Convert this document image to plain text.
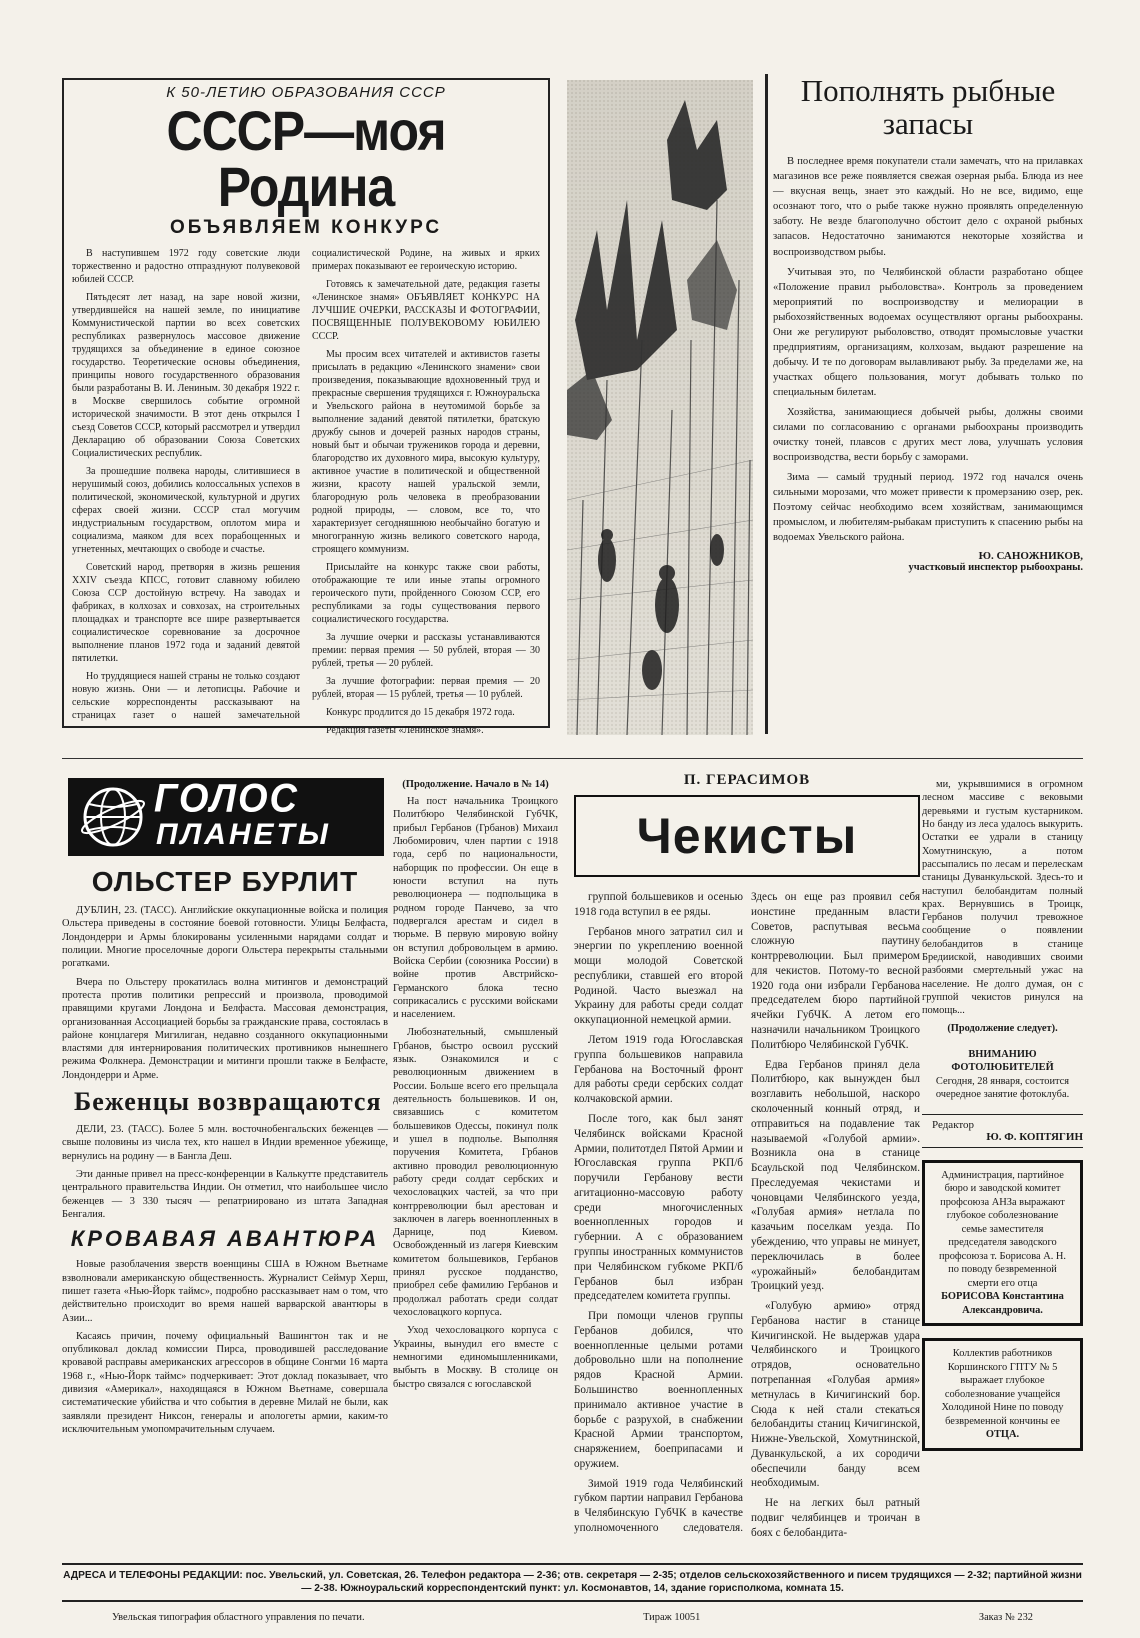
К 50-ЛЕТИЮ ОБРАЗОВАНИЯ СССР
СССР—моя Родина
ОБЪЯВЛЯЕМ КОНКУРС

В наступившем 1972 году советские люди торжественно и радостно отпразднуют полувековой юбилей СССР.

Пятьдесят лет назад, на заре новой жизни, утвердившейся на нашей земле, по инициативе Коммунистической партии во всех советских республиках развернулось массовое движение трудящихся за объединение в единое союзное государство. Теоретические основы объединения, принципы нового государственного образования были разработаны В. И. Лениным. 30 декабря 1922 г. в Москве свершилось событие огромной исторической значимости. В этот день открылся I съезд Советов СССР, который рассмотрел и утвердил Декларацию об образовании Союза Советских Социалистических республик.

За прошедшие полвека народы, слитившиеся в нерушимый союз, добились колоссальных успехов в политической, экономической, культурной и других сферах своей жизни. СССР стал могучим индустриальным государством, оплотом мира и социализма, маяком для всех порабощенных и угнетенных, мечтающих о свободе и счастье.

Советский народ, претворяя в жизнь решения XXIV съезда КПСС, готовит славному юбилею Союза ССР достойную встречу. На заводах и фабриках, в колхозах и совхозах, на строительных площадках и транспорте все шире развертывается социалистическое соревнование за досрочное выполнение планов 1972 года и заданий девятой пятилетки.

Но труддящиеся нашей страны не только создают новую жизнь. Они — и летописцы. Рабочие и сельские корреспонденты рассказывают на страницах газет о нашей замечательной социалистической Родине, на живых и ярких примерах показывают ее героическую историю.

Готовясь к замечательной дате, редакция газеты «Ленинское знамя» ОБЪЯВЛЯЕТ КОНКУРС НА ЛУЧШИЕ ОЧЕРКИ, РАССКАЗЫ И ФОТОГРАФИИ, ПОСВЯЩЕННЫЕ ПОЛУВЕКОВОМУ ЮБИЛЕЮ СССР.

Мы просим всех читателей и активистов газеты присылать в редакцию «Ленинского знамени» свои произведения, показывающие вдохновенный труд и прекрасные свершения трудящихся г. Южноуральска и Увельского района в неутомимой борьбе за выполнение заданий девятой пятилетки, братскую дружбу сынов и дочерей разных народов страны, новый быт и обычаи тружеников города и деревни, благородство их духовного мира, высокую культуру, активное участие в политической и общественной жизни, красоту нашей уральской земли, благородную роль человека в преобразовании родной природы, — словом, все то, что характеризует сегодняшнюю необычайно богатую и многогранную жизнь великого советского народа, строящего коммунизм.

Присылайте на конкурс также свои работы, отображающие те или иные этапы огромного героического пути, пройденного Союзом ССР, его республиками за годы существования первого социалистического государства.

За лучшие очерки и рассказы устанавливаются премии: первая премия — 50 рублей, вторая — 30 рублей, третья — 20 рублей.

За лучшие фотографии: первая премия — 20 рублей, вторая — 15 рублей, третья — 10 рублей.

Конкурс продлится до 15 декабря 1972 года.

Редакция газеты «Ленинское знамя».

Пополнять рыбные запасы

В последнее время покупатели стали замечать, что на прилавках магазинов все реже появляется свежая озерная рыба. Блюда из нее — вкусная вещь, знает это каждый. Но не все, видимо, еще осознают того, что о рыбе также нужно проявлять определенную заботу. Не везде благополучно обстоит дело с охраной рыбных запасов. Недостаточно занимаются некоторые хозяйства и воспроизводством рыбы.

Учитывая это, по Челябинской области разработано общее «Положение правил рыболовства». Контроль за проведением мероприятий по воспроизводству и мелиорации в рыбохозяйственных водоемах осуществляют органы рыбоохраны. Они же регулируют рыболовство, отводят промысловые участки предприятиям, организациям, колхозам, выдают разрешение на добычу. И те по договорам вылавливают рыбу. За пределами же, на участках общего пользования, могут добывать только по специальным билетам.

Хозяйства, занимающиеся добычей рыбы, должны своими силами по согласованию с органами рыбоохраны производить очистку тоней, плавсов с других мест лова, улучшать условия воспроизводства, вести борьбу с заморами.

Зима — самый трудный период. 1972 год начался очень сильными морозами, что может привести к промерзанию озер, рек. Поэтому сейчас необходимо всем хозяйствам, занимающимся промыслом, и любителям-рыбакам приступить к спасению рыбы на водоемах Увельского района.

Ю. САНОЖНИКОВ,
участковый инспектор рыбоохраны.
ГОЛОС
ПЛАНЕТЫ
ОЛЬСТЕР БУРЛИТ

ДУБЛИН, 23. (ТАСС). Английские оккупационные войска и полиция Ольстера приведены в состояние боевой готовности. Улицы Белфаста, Лондондерри и Армы блокированы усиленными нарядами солдат и полиции. Многие проселочные дороги Ольстера перекрыты стальными рогатками.

Вчера по Ольстеру прокатилась волна митингов и демонстраций протеста против политики репрессий и произвола, проводимой правящими кругами Лондона и Белфаста. Массовая демонстрация, организованная Ассоциацией борьбы за гражданские права, состоялась в районе концлагеря Мигилиган, недавно созданного оккупационными властями для интернирования политических противников нынешнего режима Фолкнера. Демонстрации и митинги прошли также в Белфасте, Лондондерри и Арме.

Беженцы возвращаются

ДЕЛИ, 23. (ТАСС). Более 5 млн. восточнобенгальских беженцев — свыше половины из числа тех, кто нашел в Индии временное убежище, вернулись на родину — в Бангла Деш.

Эти данные привел на пресс-конференции в Калькутте представитель центрального правительства Индии. Он отметил, что наибольшее число беженцев — 3 330 тысяч — репатриировано из штата Западная Бенгалия.

КРОВАВАЯ АВАНТЮРА

Новые разоблачения зверств военщины США в Южном Вьетнаме взволновали американскую общественность. Журналист Сеймур Херш, пишет газета «Нью-Йорк таймс», подробно рассказывает нам о том, что действительно происходит во время нашей варварской авантюры в Азии...

Касаясь причин, почему официальный Вашингтон так и не опубликовал доклад комиссии Пирса, проводившей расследование кровавой расправы американских агрессоров в общине Сонгми 16 марта 1968 г., «Нью-Йорк таймс» подчеркивает: Этот доклад показывает, что дивизия «Америкал», находящаяся в Южном Вьетнаме, совершала систематические убийства и что события в деревне Милай не были, как заявляли президент Никсон, генералы и апологеты армии, каким-то исключительным умопомрачительным случаем.

(Продолжение. Начало в № 14)

На пост начальника Троицкого Политбюро Челябинской ГубЧК, прибыл Гербанов (Грбанов) Михаил Любомирович, член партии с 1918 года, серб по национальности, наборщик по профессии. Он еще в юности вступил на путь революционера — подпольщика в родном городе Панчево, за что подвергался арестам и сидел в тюрьме. В первую мировую войну он вступил добровольцем в армию. Войска Сербии (союзника России) в войне против Австрийско-Германского блока тесно соприкасались с русскими войсками и населением.

Любознательный, смышленый Грбанов, быстро освоил русский язык. Ознакомился и с революционным движением в России. Больше всего его прельщала деятельность большевиков. И он, связавшись с комитетом большевиков Одессы, покинул полк и ушел в подполье. Выполняя поручения Комитета, Грбанов активно проводил революционную работу среди солдат сербских и чехословацких частей, за что при контрреволюции был арестован и заключен в лагерь военнопленных в Дарнице, под Киевом. Освобожденный из лагеря Киевским комитетом большевиков, Гербанов принял русское подданство, приобрел себе фамилию Гербанов и продолжал работать среди солдат чехословацкого корпуса.

Уход чехословацкого корпуса с Украины, вынудил его вместе с немногими единомышленниками, выбыть в Москву. В столице он быстро связался с югославской

П. ГЕРАСИМОВ
Чекисты

группой большевиков и осенью 1918 года вступил в ее ряды.

Гербанов много затратил сил и энергии по укреплению военной мощи молодой Советской республики, ставшей его второй Родиной. Часто выезжал на Украину для работы среди солдат оккупационной немецкой армии.

Летом 1919 года Югославская группа большевиков направила Гербанова на Восточный фронт для работы среди сербских солдат колчаковской армии.

После того, как был занят Челябинск войсками Красной Армии, политотдел Пятой Армии и Югославская группа РКП/б поручили Гербанову вести агитационно-массовую работу среди многочисленных военнопленных городов и губернии. А с образованием группы иностранных коммунистов при Челябинском губкоме РКП/б Гербанов был избран председателем комитета группы.

При помощи членов группы Гербанов добился, что военнопленные целыми ротами добровольно шли на пополнение рядов Красной Армии. Большинство военнопленных принимало активное участие в борьбе с разрухой, в снабжении Красной Армии транспортом, снаряжением, боеприпасами и оружием.

Зимой 1919 года Челябинский губком партии направил Гербанова в Челябинскую ГубЧК в качестве уполномоченного следователя. Здесь он еще раз проявил себя ионстине преданным власти Советов, распутывая весьма сложную паутину контрреволюции. Был примером для чекистов. Потому-то весной 1920 года они избрали Гербанова председателем бюро партийной ячейки ГубЧК. А летом его назначили начальником Троицкого Политбюро Челябинской ГубЧК.

Едва Гербанов принял дела Политбюро, как вынужден был возглавить небольшой, наскоро сколоченный конный отряд, и отправиться на подавление так называемой «Голубой армии». Возникла она в станице Бсаульской под Челябинском. Преследуемая чекистами и чоновцами Челябинского уезда, «Голубая армия» нетлала по казачьим поселкам уезда. По убеждению, что управы не минует, переключилась в более «урожайный» белобандитам Троицкий уезд.

«Голубую армию» отряд Гербанова настиг в станице Кичигинской. Не выдержав удара Челябинского и Троицкого отрядов, основательно потрепанная «Голубая армия» метнулась в Кичигинский бор. Сюда к ней стали стекаться белобандиты станиц Кичигинской, Нижне-Увельской, Хомутнинской, Дуванкульской, а их сородичи обеспечили банду всем необходимым.

Не на легких был ратный подвиг челябинцев и троичан в боях с белобандита-

ми, укрывшимися в огромном лесном массиве с вековыми деревьями и густым кустарником. Но банду из леса удалось выкурить. Остатки ее удрали в станицу Хомутнинскую, а потом рассыпались по лесам и перелескам станицы Дуванкульской. Здесь-то и наступил белобандитам полный крах. Вернувшись в Троицк, Гербанов получил тревожное сообщение о появлении белобандитов в станице Бредииской, наводивших своими разбоями смертельный ужас на население. Не долго думая, он с группой чекистов ринулся на помощь...

(Продолжение следует).
ВНИМАНИЮ ФОТОЛЮБИТЕЛЕЙ
Сегодня, 28 января, состоится очередное занятие фотоклуба.
Редактор
Ю. Ф. КОПТЯГИН
Администрация, партийное бюро и заводской комитет профсоюза АНЗа выражают глубокое соболезнование семье заместителя председателя заводского профсоюза т. Борисова А. Н. по поводу безвременной смерти его отца
БОРИСОВА Константина Александровича.
Коллектив работников Коршинского ГПТУ № 5 выражает глубокое соболезнование учащейся Холодиной Нине по поводу безвременной кончины ее
ОТЦА.
АДРЕСА И ТЕЛЕФОНЫ РЕДАКЦИИ: пос. Увельский, ул. Советская, 26. Телефон редактора — 2-36; отв. секретаря — 2-35; отделов сельскохозяйственного и писем трудящихся — 2-32; партийной жизни — 2-38. Южноуральский корреспондентский пункт: ул. Космонавтов, 14, здание горисполкома, комната 15.
Увельская типография областного управления по печати.	Тираж 10051	Заказ № 232
